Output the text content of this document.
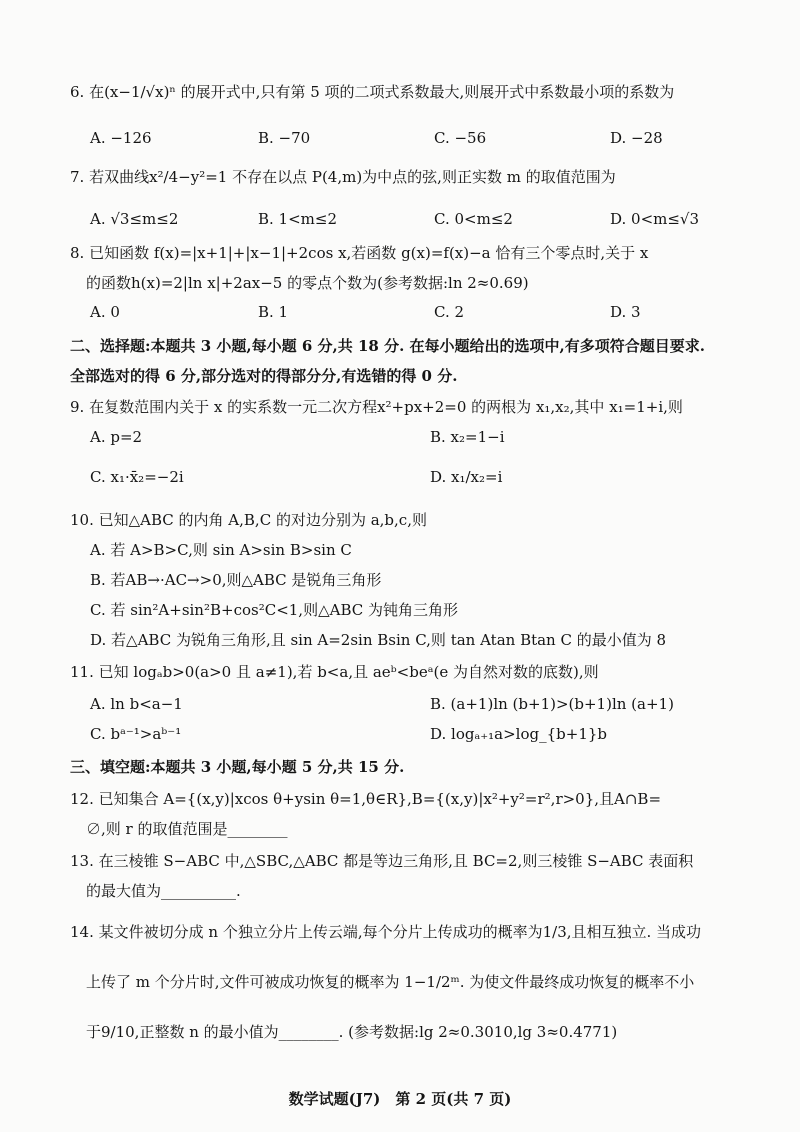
6. 在(x−1/√x)ⁿ 的展开式中,只有第 5 项的二项式系数最大,则展开式中系数最小项的系数为
A. −126	B. −70	C. −56	D. −28
7. 若双曲线x²/4−y²=1 不存在以点 P(4,m)为中点的弦,则正实数 m 的取值范围为
A. √3≤m≤2	B. 1<m≤2	C. 0<m≤2	D. 0<m≤√3
8. 已知函数 f(x)=|x+1|+|x−1|+2cos x,若函数 g(x)=f(x)−a 恰有三个零点时,关于 x
的函数h(x)=2|ln x|+2ax−5 的零点个数为(参考数据:ln 2≈0.69)
A. 0	B. 1	C. 2	D. 3
二、选择题:本题共 3 小题,每小题 6 分,共 18 分. 在每小题给出的选项中,有多项符合题目要求.
全部选对的得 6 分,部分选对的得部分分,有选错的得 0 分.
9. 在复数范围内关于 x 的实系数一元二次方程x²+px+2=0 的两根为 x₁,x₂,其中 x₁=1+i,则
A. p=2	B. x₂=1−i
C. x₁·x̄₂=−2i	D. x₁/x₂=i
10. 已知△ABC 的内角 A,B,C 的对边分别为 a,b,c,则
A. 若 A>B>C,则 sin A>sin B>sin C
B. 若AB→·AC→>0,则△ABC 是锐角三角形
C. 若 sin²A+sin²B+cos²C<1,则△ABC 为钝角三角形
D. 若△ABC 为锐角三角形,且 sin A=2sin Bsin C,则 tan Atan Btan C 的最小值为 8
11. 已知 logₐb>0(a>0 且 a≠1),若 b<a,且 aeᵇ<beᵃ(e 为自然对数的底数),则
A. ln b<a−1	B. (a+1)ln (b+1)>(b+1)ln (a+1)
C. bᵃ⁻¹>aᵇ⁻¹	D. logₐ₊₁a>log_{b+1}b
三、填空题:本题共 3 小题,每小题 5 分,共 15 分.
12. 已知集合 A={(x,y)|xcos θ+ysin θ=1,θ∈R},B={(x,y)|x²+y²=r²,r>0},且A∩B=
∅,则 r 的取值范围是________
13. 在三棱锥 S−ABC 中,△SBC,△ABC 都是等边三角形,且 BC=2,则三棱锥 S−ABC 表面积
的最大值为__________.
14. 某文件被切分成 n 个独立分片上传云端,每个分片上传成功的概率为1/3,且相互独立. 当成功
上传了 m 个分片时,文件可被成功恢复的概率为 1−1/2ᵐ. 为使文件最终成功恢复的概率不小
于9/10,正整数 n 的最小值为________. (参考数据:lg 2≈0.3010,lg 3≈0.4771)
数学试题(J7)　第 2 页(共 7 页)
